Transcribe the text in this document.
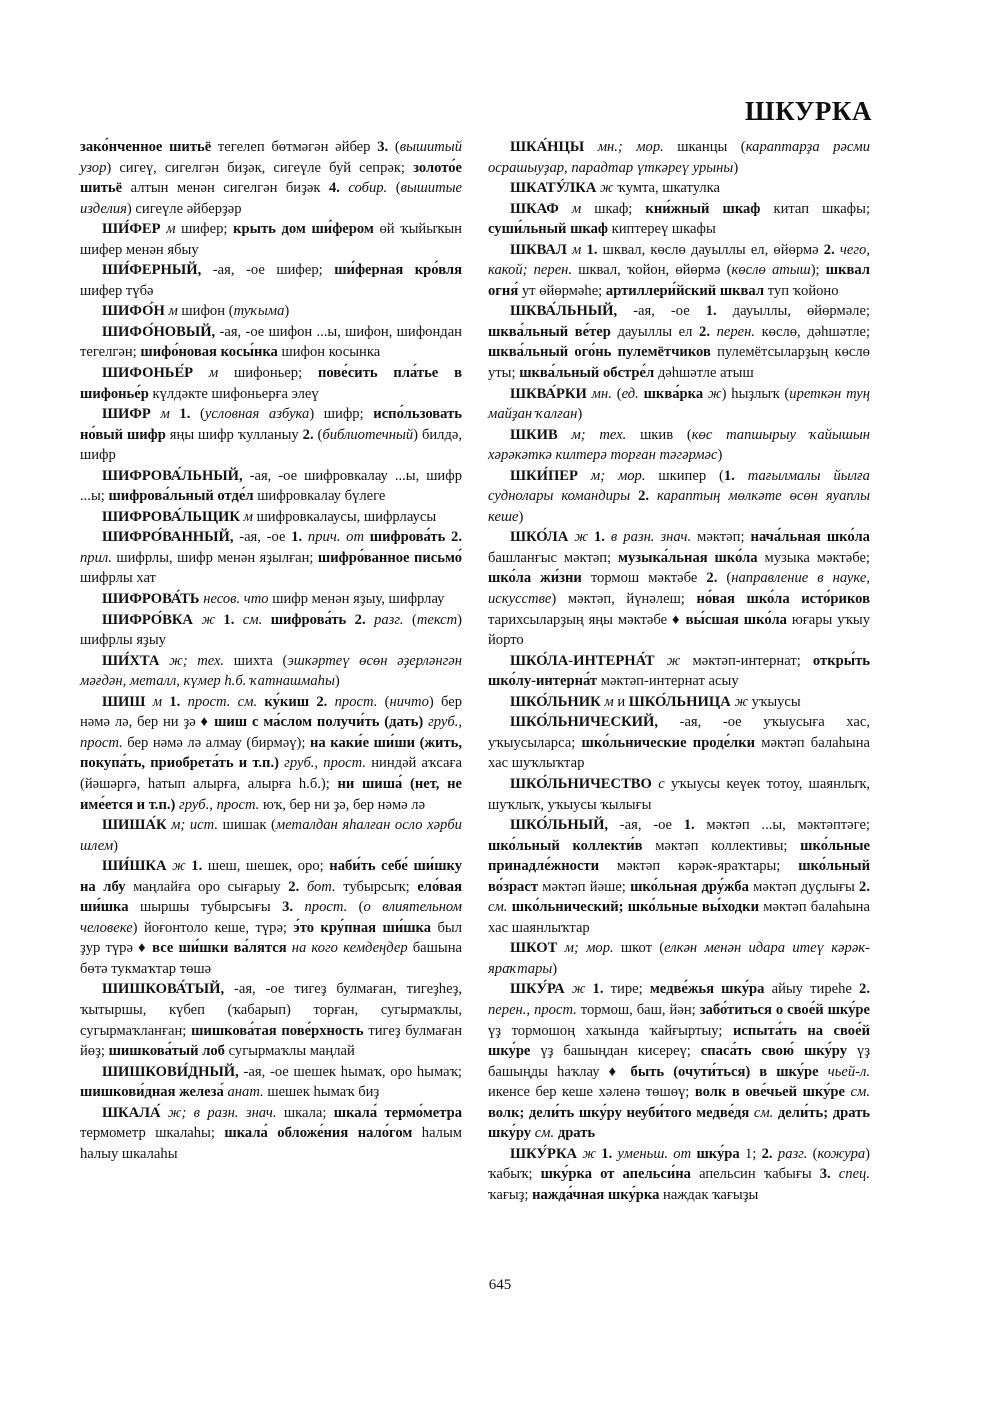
ШКУРКА

зако́нченное шитьё тегелеп бөтмәгән әйбер 3. (вышитый узор) сигеү, сигелгән биҙәк, сигеүле буй сепрәк; золото́е шитьё алтын менән сигелгән биҙәк 4. собир. (вышитые изделия) сигеүле әйберҙәр

ШИ́ФЕР м шифер; крыть дом ши́фером өй ҡыйыҡын шифер менән ябыу

ШИ́ФЕРНЫЙ, -ая, -ое шифер; ши́ферная кро́вля шифер түбә

ШИФО́Н м шифон (туҡыма)

ШИФО́НОВЫЙ, -ая, -ое шифон ...ы, шифон, шифондан тегелгән; шифо́новая косы́нка шифон косынка

ШИФОНЬЕ́Р м шифоньер; пове́сить пла́тье в шифонье́р күлдәкте шифоньерға элеү

ШИФР м 1. (условная азбука) шифр; испо́льзовать но́вый шифр яңы шифр ҡулланыу 2. (библиотечный) билдә, шифр

ШИФРОВА́ЛЬНЫЙ, -ая, -ое шифровкалау ...ы, шифр ...ы; шифрова́льный отде́л шифровкалау бүлеге

ШИФРОВА́ЛЬЩИК м шифровкалаусы, шифрлаусы

ШИФРО́ВАННЫЙ, -ая, -ое 1. прич. от шифрова́ть 2. прил. шифрлы, шифр менән яҙылған; шифро́ванное письмо́ шифрлы хат

ШИФРОВА́ТЬ несов. что шифр менән яҙыу, шифрлау

ШИФРО́ВКА ж 1. см. шифрова́ть 2. разг. (текст) шифрлы яҙыу

ШИ́ХТА ж; тех. шихта (эшкәртеү өсөн әҙерләнгән мәғдән, металл, күмер һ.б. ҡатнашмаһы)

ШИШ м 1. прост. см. ку́киш 2. прост. (ничто) бер нәмә лә, бер ни ҙә ♦ шиш с ма́слом получи́ть (дать) груб., прост. бер нәмә лә алмау (бирмәү); на каки́е ши́ши (жить, покупа́ть, приобрета́ть и т.п.) груб., прост. ниндәй аҡсаға (йәшәргә, һатып алырға, алырға һ.б.); ни шиша́ (нет, не име́ется и т.п.) груб., прост. юҡ, бер ни ҙә, бер нәмә лә

ШИША́К м; ист. шишак (металдан яһалған осло хәрби шлем)

ШИ́ШКА ж 1. шеш, шешек, оро; наби́ть себе́ ши́шку на лбу маңлайға оро сығарыу 2. бот. тубырсыҡ; ело́вая ши́шка шыршы тубырсығы 3. прост. (о влиятельном человеке) йоғонтоло кеше, түрә; э́то кру́пная ши́шка был ҙур түрә ♦ все ши́шки ва́лятся на кого кемдеңдер башына бөтә тукмаҡтар төшә

ШИШКОВА́ТЫЙ, -ая, -ое тигеҙ булмаған, тигеҙһеҙ, ҡытыршы, күбеп (ҡабарып) торған, сугырмаҡлы, сугырмаҡланған; шишкова́тая пове́рхность тигеҙ булмаған йөҙ; шишкова́тый лоб сугырмаҡлы маңлай

ШИШКОВИ́ДНЫЙ, -ая, -ое шешек һымаҡ, оро һымаҡ; шишкови́дная железа́ анат. шешек һымаҡ биҙ

ШКАЛА́ ж; в разн. знач. шкала; шкала́ термо́метра термометр шкалаһы; шкала́ обложе́ния нало́гом һалым һалыу шкалаһы

ШКА́НЦЫ мн.; мор. шканцы (караптарҙа рәсми осрашыуҙар, парадтар үткәреү урыны)

ШКАТУ́ЛКА ж ҡумта, шкатулка

ШКАФ м шкаф; кни́жный шкаф китап шкафы; суши́льный шкаф киптереү шкафы

ШКВАЛ м 1. шквал, көслө дауыллы ел, өйөрмә 2. чего, какой; перен. шквал, ҡойон, өйөрмә (көслө атыш); шквал огня́ ут өйөрмәһе; артиллери́йский шквал туп ҡойоно

ШКВА́ЛЬНЫЙ, -ая, -ое 1. дауыллы, өйөрмәле; шква́льный ве́тер дауыллы ел 2. перен. көслө, дәһшәтле; шква́льный ого́нь пулемётчиков пулемётсыларҙың көслө уты; шква́льный обстре́л дәһшәтле атыш

ШКВА́РКИ мн. (ед. шква́рка ж) һыҙлыҡ (иреткән туң майҙан ҡалған)

ШКИВ м; тех. шкив (көс тапшырыу ҡайышын хәрәкәткә килтерә торған тәгәрмәс)

ШКИ́ПЕР м; мор. шкипер (1. тағылмалы йылға суднолары командиры 2. караптың мөлкәте өсөн яуаплы кеше)

ШКО́ЛА ж 1. в разн. знач. мәктәп; нача́льная шко́ла башланғыс мәктәп; музыка́льная шко́ла музыка мәктәбе; шко́ла жи́зни тормош мәктәбе 2. (направление в науке, искусстве) мәктәп, йүнәлеш; но́вая шко́ла исто́риков тарихсыларҙың яңы мәктәбе ♦ вы́сшая шко́ла юғары уҡыу йорто

ШКО́ЛА-ИНТЕРНА́Т ж мәктәп-интернат; откры́ть шко́лу-интерна́т мәктәп-интернат асыу

ШКО́ЛЬНИК м и ШКО́ЛЬНИЦА ж уҡыусы

ШКО́ЛЬНИЧЕСКИЙ, -ая, -ое уҡыусыға хас, уҡыусыларса; шко́льнические проде́лки мәктәп балаһына хас шуҡлыҡтар

ШКО́ЛЬНИЧЕСТВО с уҡыусы кеүек тотоу, шаянлыҡ, шуҡлыҡ, уҡыусы ҡылығы

ШКО́ЛЬНЫЙ, -ая, -ое 1. мәктәп ...ы, мәктәптәге; шко́льный коллекти́в мәктәп коллективы; шко́льные принадле́жности мәктәп кәрәк-яраҡтары; шко́льный во́зраст мәктәп йәше; шко́льная дру́жба мәктәп дуҫлығы 2. см. шко́льнический; шко́льные вы́ходки мәктәп балаһына хас шаянлыҡтар

ШКОТ м; мор. шкот (елкән менән идара итеү кәрәк-яраҡтары)

ШКУ́РА ж 1. тире; медве́жья шку́ра айыу тиреһе 2. перен., прост. тормош, баш, йән; забо́титься о свое́й шку́ре үҙ тормошоң хаҡында ҡайғыртыу; испыта́ть на свое́й шку́ре үҙ башыңдан кисереү; спаса́ть свою́ шку́ру үҙ башыңды һаҡлау ♦ быть (очути́ться) в шку́ре чьей-л. икенсе бер кеше хәленә төшөү; волк в ове́чьей шку́ре см. волк; дели́ть шку́ру неуби́того медве́дя см. дели́ть; драть шку́ру см. драть

ШКУ́РКА ж 1. уменьш. от шку́ра 1; 2. разг. (кожура) ҡабыҡ; шку́рка от апельси́на апельсин ҡабығы 3. спец. ҡағыҙ; нажда́чная шку́рка наждак ҡағыҙы

645
